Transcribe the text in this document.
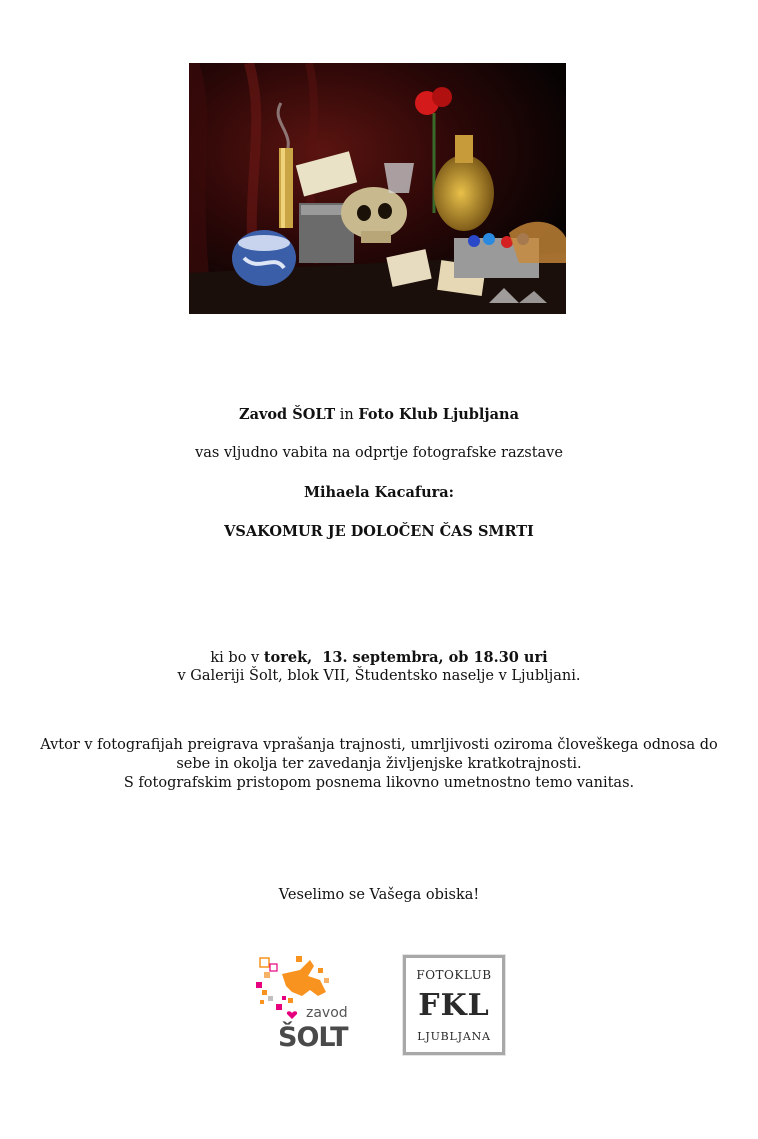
Zavod ŠOLT in Foto Klub Ljubljana
vas vljudno vabita na odprtje fotografske razstave
Mihaela Kacafura:
VSAKOMUR JE DOLOČEN ČAS SMRTI
ki bo v torek,  13. septembra, ob 18.30 uri
v Galeriji Šolt, blok VII, Študentsko naselje v Ljubljani.
Avtor v fotografijah preigrava vprašanja trajnosti, umrljivosti oziroma človeškega odnosa do
sebe in okolja ter zavedanja življenjske kratkotrajnosti.
S fotografskim pristopom posnema likovno umetnostno temo vanitas.
Veselimo se Vašega obiska!
zavod
ŠOLT
FOTOKLUB
FKL
LJUBLJANA
